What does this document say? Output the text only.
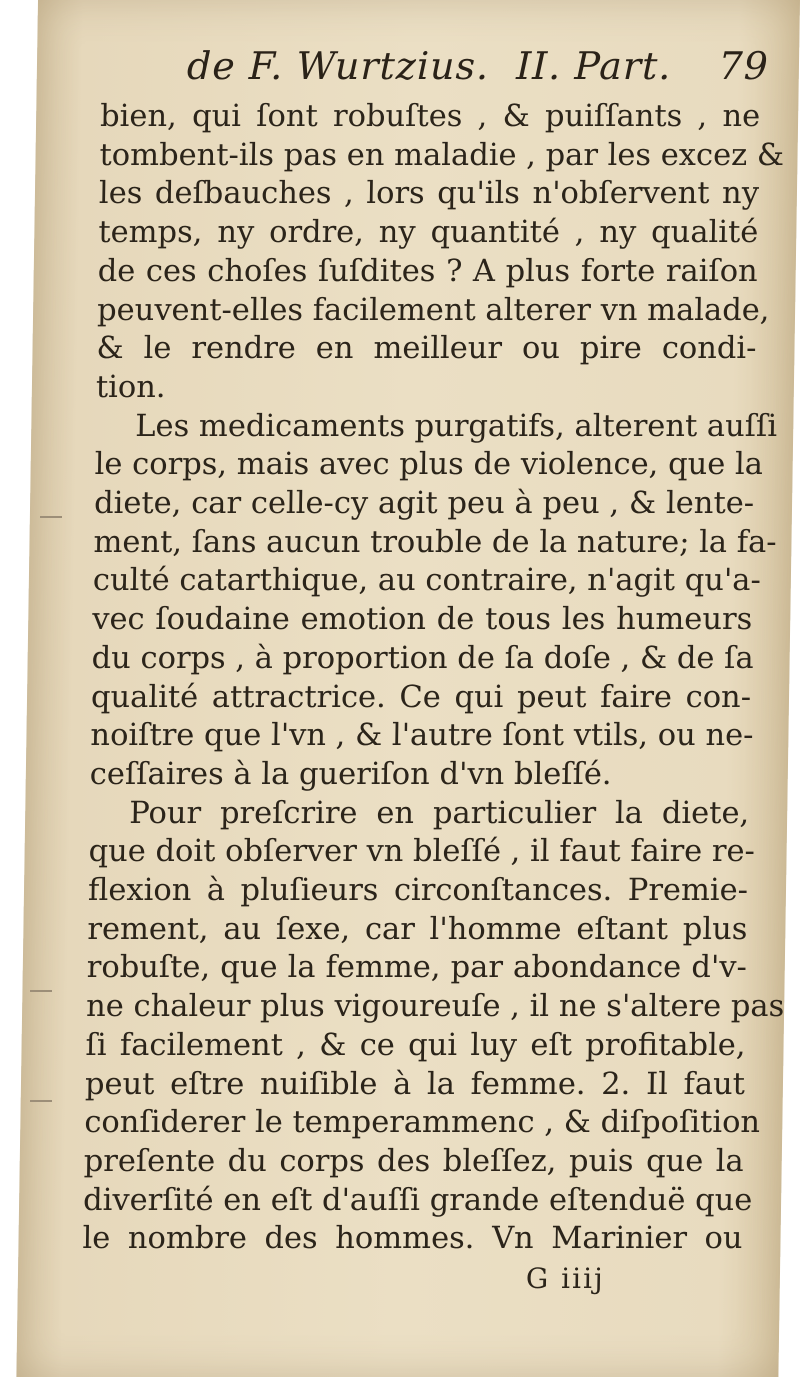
de F. Wurtzius. II. Part. 79
bien, qui ſont robuſtes , & puiſſants , ne
tombent-ils pas en maladie , par les excez &
les deſbauches , lors qu'ils n'obſervent ny
temps, ny ordre, ny quantité , ny qualité
de ces choſes ſuſdites ? A plus forte raiſon
peuvent-elles facilement alterer vn malade,
& le rendre en meilleur ou pire condi-
tion.
Les medicaments purgatifs, alterent auſſi
le corps, mais avec plus de violence, que la
diete, car celle-cy agit peu à peu , & lente-
ment, ſans aucun trouble de la nature; la fa-
culté catarthique, au contraire, n'agit qu'a-
vec ſoudaine emotion de tous les humeurs
du corps , à proportion de ſa doſe , & de ſa
qualité attractrice. Ce qui peut faire con-
noiſtre que l'vn , & l'autre ſont vtils, ou ne-
ceſſaires à la gueriſon d'vn bleſſé.
Pour preſcrire en particulier la diete,
que doit obſerver vn bleſſé , il faut faire re-
flexion à pluſieurs circonſtances. Premie-
rement, au ſexe, car l'homme eſtant plus
robuſte, que la femme, par abondance d'v-
ne chaleur plus vigoureuſe , il ne s'altere pas
ſi facilement , & ce qui luy eſt profitable,
peut eſtre nuiſible à la femme. 2. Il faut
conſiderer le temperammenc , & diſpoſition
preſente du corps des bleſſez, puis que la
diverſité en eſt d'auſſi grande eſtenduë que
le nombre des hommes. Vn Marinier ou
G iiij
